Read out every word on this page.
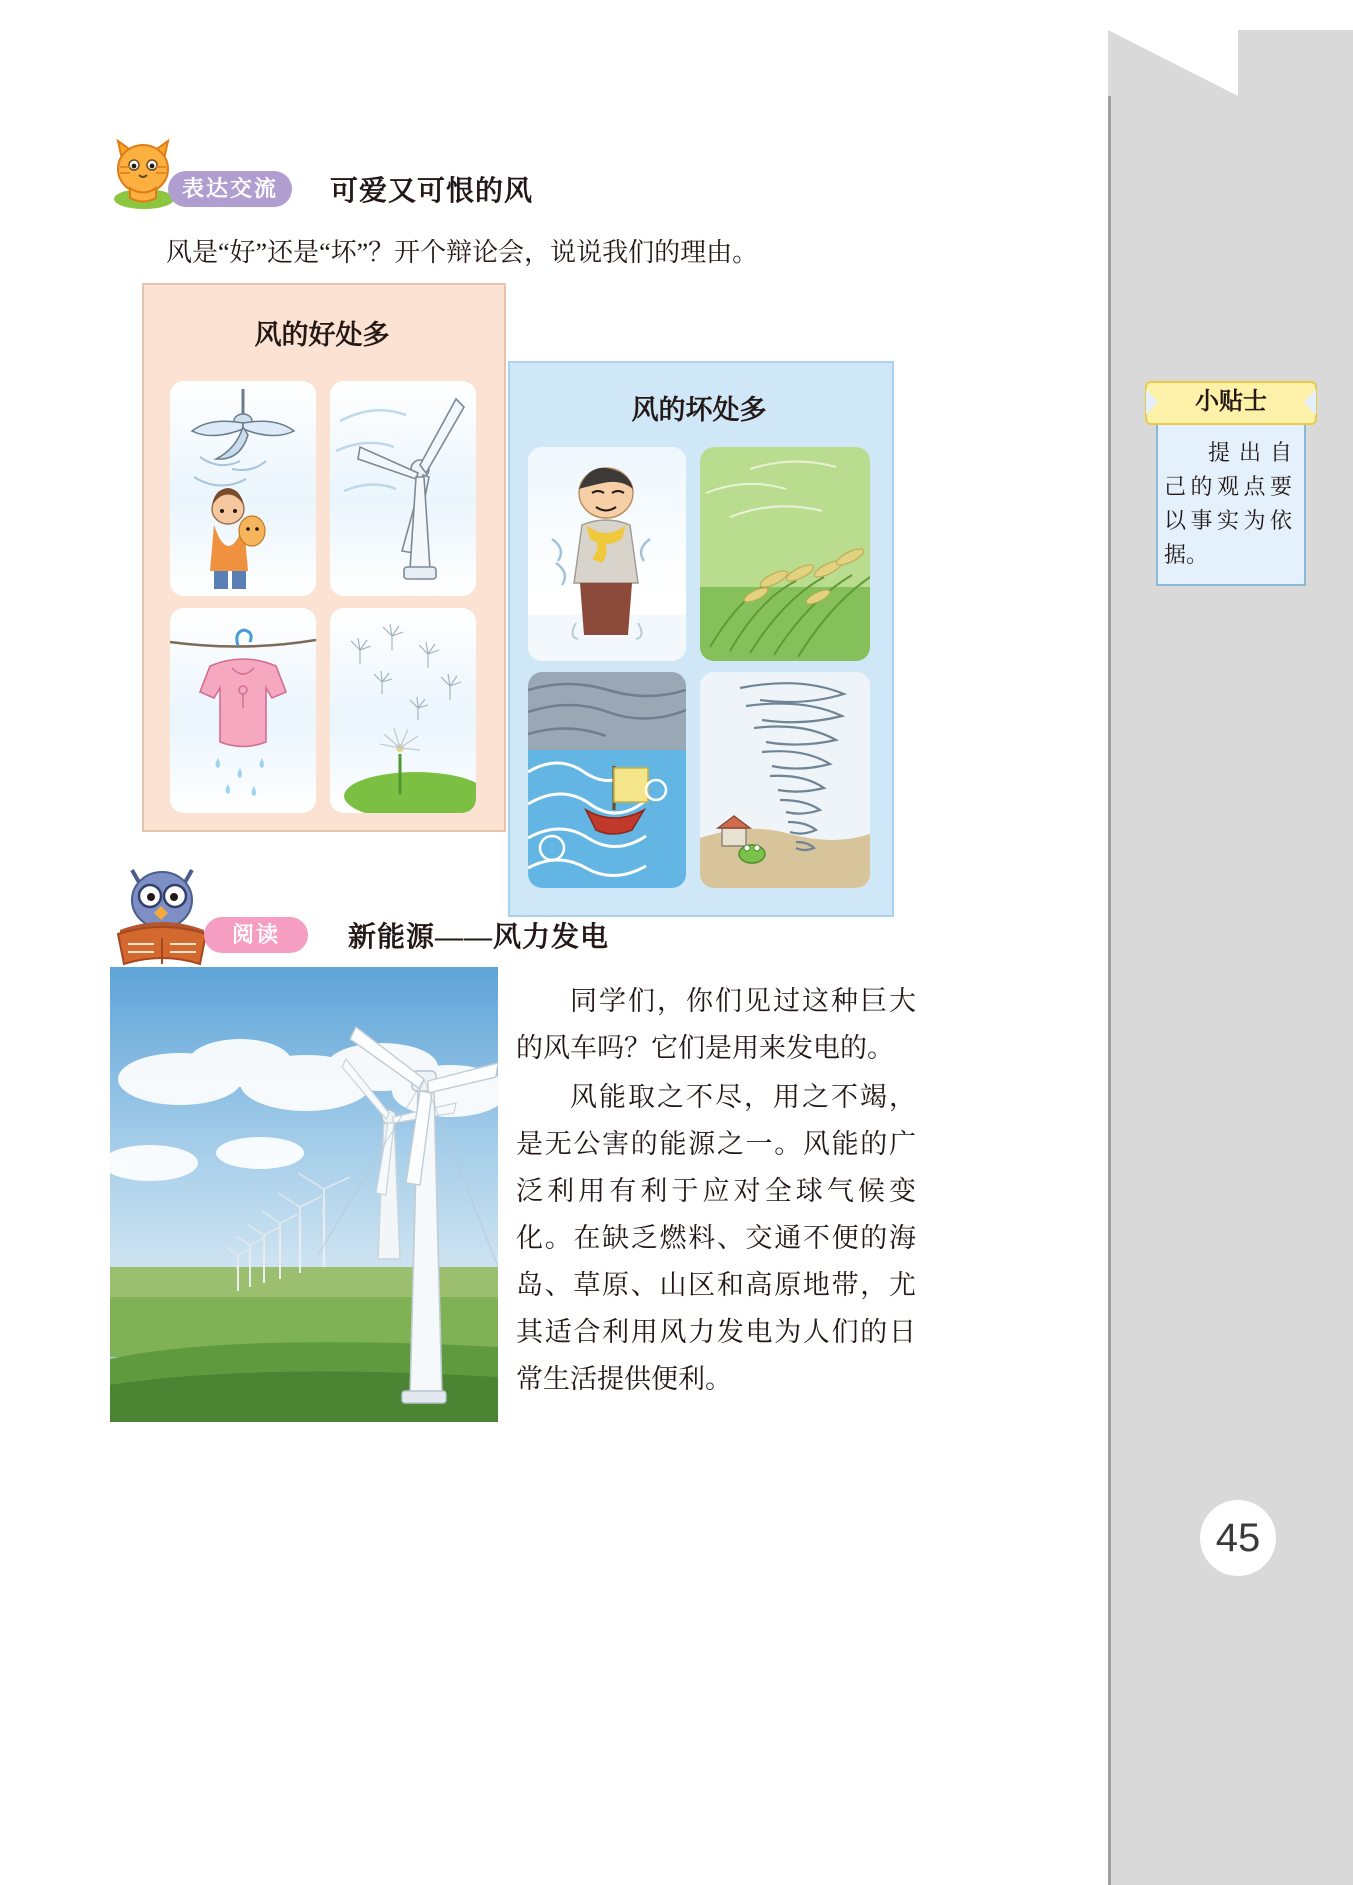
表达交流	可爱又可恨的风
风是“好”还是“坏”？开个辩论会，说说我们的理由。
风的好处多
风的坏处多
阅读	新能源——风力发电

同学们，你们见过这种巨大的风车吗？它们是用来发电的。

风能取之不尽，用之不竭，是无公害的能源之一。风能的广泛利用有利于应对全球气候变化。在缺乏燃料、交通不便的海岛、草原、山区和高原地带，尤其适合利用风力发电为人们的日常生活提供便利。

小贴士
提出自己的观点要以事实为依据。
45
